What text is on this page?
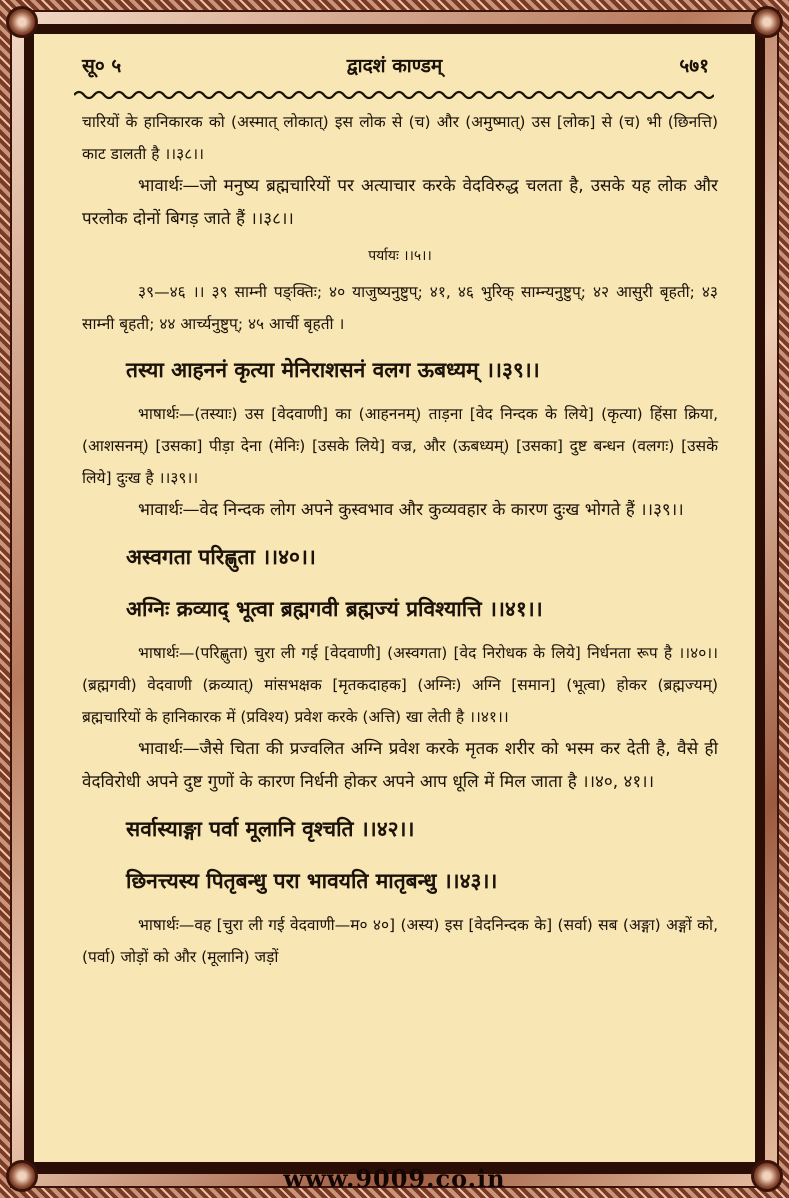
सू० ५	द्वादशं काण्डम्	५७१

चारियों के हानिकारक को (अस्मात् लोकात्) इस लोक से (च) और (अमुष्मात्) उस [लोक] से (च) भी (छिनत्ति) काट डालती है ।।३८।।

भावार्थः—जो मनुष्य ब्रह्मचारियों पर अत्याचार करके वेदविरुद्ध चलता है, उसके यह लोक और परलोक दोनों बिगड़ जाते हैं ।।३८।।

पर्यायः ।।५।।

३९—४६ ।। ३९ साम्नी पङ्क्तिः; ४० याजुष्यनुष्टुप्; ४१, ४६ भुरिक् साम्न्यनुष्टुप्; ४२ आसुरी बृहती; ४३ साम्नी बृहती; ४४ आर्च्यनुष्टुप्; ४५ आर्ची बृहती ।

तस्या आहननं कृत्या मेनिराशसनं वलग ऊबध्यम् ।।३९।।

भाषार्थः—(तस्याः) उस [वेदवाणी] का (आहननम्) ताड़ना [वेद निन्दक के लिये] (कृत्या) हिंसा क्रिया, (आशसनम्) [उसका] पीड़ा देना (मेनिः) [उसके लिये] वज्र, और (ऊबध्यम्) [उसका] दुष्ट बन्धन (वलगः) [उसके लिये] दुःख है ।।३९।।

भावार्थः—वेद निन्दक लोग अपने कुस्वभाव और कुव्यवहार के कारण दुःख भोगते हैं ।।३९।।

अस्वगता परिह्णुता ।।४०।।

अग्निः क्रव्याद् भूत्वा ब्रह्मगवी ब्रह्मज्यं प्रविश्यात्ति ।।४१।।

भाषार्थः—(परिह्णुता) चुरा ली गई [वेदवाणी] (अस्वगता) [वेद निरोधक के लिये] निर्धनता रूप है ।।४०।। (ब्रह्मगवी) वेदवाणी (क्रव्यात्) मांसभक्षक [मृतकदाहक] (अग्निः) अग्नि [समान] (भूत्वा) होकर (ब्रह्मज्यम्) ब्रह्मचारियों के हानिकारक में (प्रविश्य) प्रवेश करके (अत्ति) खा लेती है ।।४१।।

भावार्थः—जैसे चिता की प्रज्वलित अग्नि प्रवेश करके मृतक शरीर को भस्म कर देती है, वैसे ही वेदविरोधी अपने दुष्ट गुणों के कारण निर्धनी होकर अपने आप धूलि में मिल जाता है ।।४०, ४१।।

सर्वास्याङ्गा पर्वा मूलानि वृश्चति ।।४२।।

छिनत्त्यस्य पितृबन्धु परा भावयति मातृबन्धु ।।४३।।

भाषार्थः—वह [चुरा ली गई वेदवाणी—म० ४०] (अस्य) इस [वेदनिन्दक के] (सर्वा) सब (अङ्गा) अङ्गों को, (पर्वा) जोड़ों को और (मूलानि) जड़ों

www.9009.co.in
